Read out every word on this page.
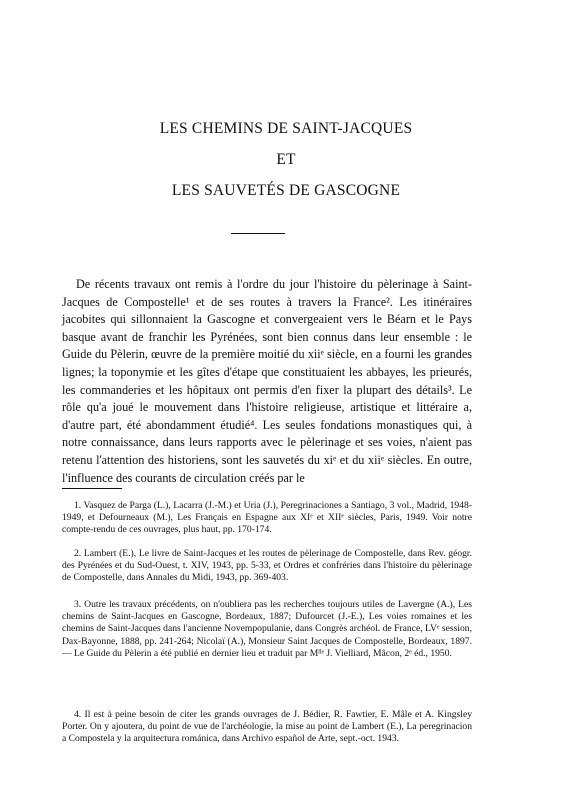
LES CHEMINS DE SAINT-JACQUES
ET
LES SAUVETÉS DE GASCOGNE

De récents travaux ont remis à l'ordre du jour l'histoire du pèlerinage à Saint-Jacques de Compostelle¹ et de ses routes à travers la France². Les itinéraires jacobites qui sillonnaient la Gascogne et convergeaient vers le Béarn et le Pays basque avant de franchir les Pyrénées, sont bien connus dans leur ensemble : le Guide du Pèlerin, œuvre de la première moitié du xiiᵉ siècle, en a fourni les grandes lignes; la toponymie et les gîtes d'étape que constituaient les abbayes, les prieurés, les commanderies et les hôpitaux ont permis d'en fixer la plupart des détails³. Le rôle qu'a joué le mouvement dans l'histoire religieuse, artistique et littéraire a, d'autre part, été abondamment étudié⁴. Les seules fondations monastiques qui, à notre connaissance, dans leurs rapports avec le pèlerinage et ses voies, n'aient pas retenu l'attention des historiens, sont les sauvetés du xiᵉ et du xiiᵉ siècles. En outre, l'influence des courants de circulation créés par le

1. Vasquez de Parga (L.), Lacarra (J.-M.) et Uria (J.), Peregrinaciones a Santiago, 3 vol., Madrid, 1948-1949, et Defourneaux (M.), Les Français en Espagne aux XIᵉ et XIIᵉ siècles, Paris, 1949. Voir notre compte-rendu de ces ouvrages, plus haut, pp. 170-174.

2. Lambert (E.), Le livre de Saint-Jacques et les routes de pèlerinage de Compostelle, dans Rev. géogr. des Pyrénées et du Sud-Ouest, t. XIV, 1943, pp. 5-33, et Ordres et confréries dans l'histoire du pèlerinage de Compostelle, dans Annales du Midi, 1943, pp. 369-403.

3. Outre les travaux précédents, on n'oubliera pas les recherches toujours utiles de Lavergne (A.), Les chemins de Saint-Jacques en Gascogne, Bordeaux, 1887; Dufourcet (J.-E.), Les voies romaines et les chemins de Saint-Jacques dans l'ancienne Novempopulanie, dans Congrès archéol. de France, LVᵉ session, Dax-Bayonne, 1888, pp. 241-264; Nicolaï (A.), Monsieur Saint Jacques de Compostelle, Bordeaux, 1897. — Le Guide du Pèlerin a été publié en dernier lieu et traduit par Mˡˡᵉ J. Vielliard, Mâcon, 2ᵉ éd., 1950.

4. Il est à peine besoin de citer les grands ouvrages de J. Bédier, R. Fawtier, E. Mâle et A. Kingsley Porter. On y ajoutera, du point de vue de l'archéologie, la mise au point de Lambert (E.), La peregrinacion a Compostela y la arquitectura románica, dans Archivo español de Arte, sept.-oct. 1943.
